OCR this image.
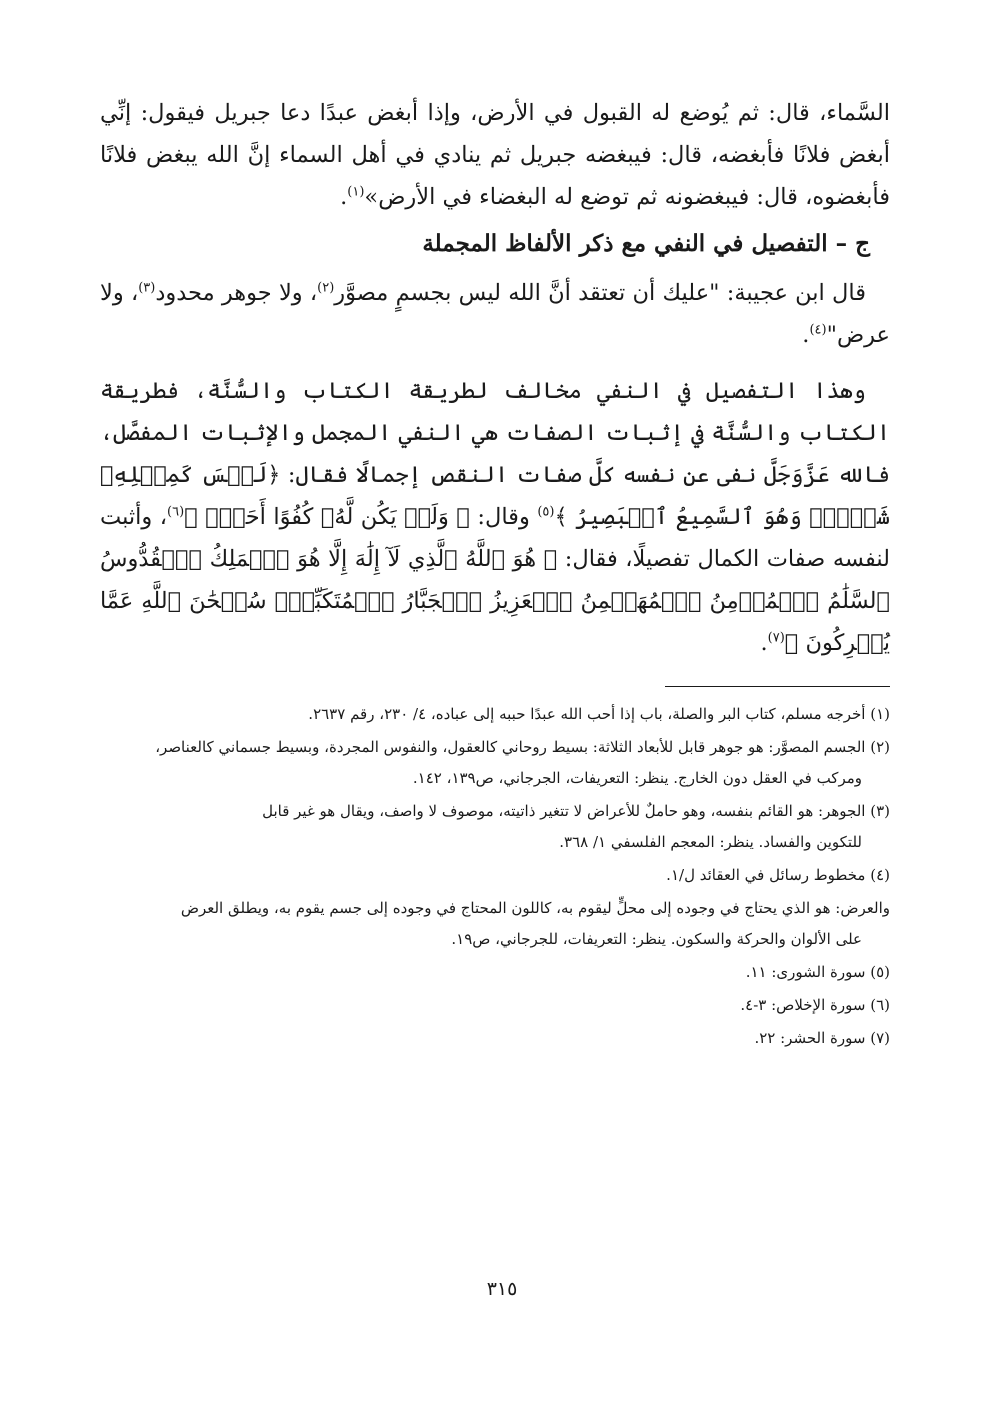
السَّماء، قال: ثم يُوضع له القبول في الأرض، وإذا أبغض عبدًا دعا جبريل فيقول: إنِّي أبغض فلانًا فأبغضه، قال: فيبغضه جبريل ثم ينادي في أهل السماء إنَّ الله يبغض فلانًا فأبغضوه، قال: فيبغضونه ثم توضع له البغضاء في الأرض»$^{(١)}$.

ج – التفصيل في النفي مع ذكر الألفاظ المجملة

قال ابن عجيبة: "عليك أن تعتقد أنَّ الله ليس بجسمٍ مصوَّر$^{(٢)}$، ولا جوهر محدود$^{(٣)}$، ولا عرض"$^{(٤)}$.

وهذا التفصيل في النفي مخالف لطريقة الكتاب والسُّنَّة، فطريقة الكتاب والسُّنَّة في إثبات الصفات هي النفي المجمل والإثبات المفصَّل، فالله عَزَّوَجَلَّ نفى عن نفسه كلَّ صفات النقص إجمالًا فقال: ﴿لَيۡسَ كَمِثۡلِهِۦ شَيۡءٞۖ وَهُوَ ٱلسَّمِيعُ ٱلۡبَصِيرُ ﴾$^{(٥)}$ وقال: ﴿ وَلَمۡ يَكُن لَّهُۥ كُفُوًا أَحَدُۢ ﴾$^{(٦)}$، وأثبت لنفسه صفات الكمال تفصيلًا، فقال: ﴿ هُوَ ٱللَّهُ ٱلَّذِي لَآ إِلَٰهَ إِلَّا هُوَ ٱلۡمَلِكُ ٱلۡقُدُّوسُ ٱلسَّلَٰمُ ٱلۡمُؤۡمِنُ ٱلۡمُهَيۡمِنُ ٱلۡعَزِيزُ ٱلۡجَبَّارُ ٱلۡمُتَكَبِّرُۚ سُبۡحَٰنَ ٱللَّهِ عَمَّا يُشۡرِكُونَ ﴾$^{(٧)}$.

(١) أخرجه مسلم، كتاب البر والصلة، باب إذا أحب الله عبدًا حببه إلى عباده، ٤/ ٢٣٠، رقم ٢٦٣٧.

(٢) الجسم المصوَّر: هو جوهر قابل للأبعاد الثلاثة: بسيط روحاني كالعقول، والنفوس المجردة، وبسيط جسماني كالعناصر،

ومركب في العقل دون الخارج. ينظر: التعريفات، الجرجاني، ص١٣٩، ١٤٢.

(٣) الجوهر: هو القائم بنفسه، وهو حاملٌ للأعراض لا تتغير ذاتيته، موصوف لا واصف، ويقال هو غير قابل

للتكوين والفساد. ينظر: المعجم الفلسفي ١/ ٣٦٨.

(٤) مخطوط رسائل في العقائد ل/١.

والعرض: هو الذي يحتاج في وجوده إلى محلٍّ ليقوم به، كاللون المحتاج في وجوده إلى جسم يقوم به، ويطلق العرض

على الألوان والحركة والسكون. ينظر: التعريفات، للجرجاني، ص١٩.

(٥) سورة الشورى: ١١.

(٦) سورة الإخلاص: ٣-٤.

(٧) سورة الحشر: ٢٢.

٣١٥
